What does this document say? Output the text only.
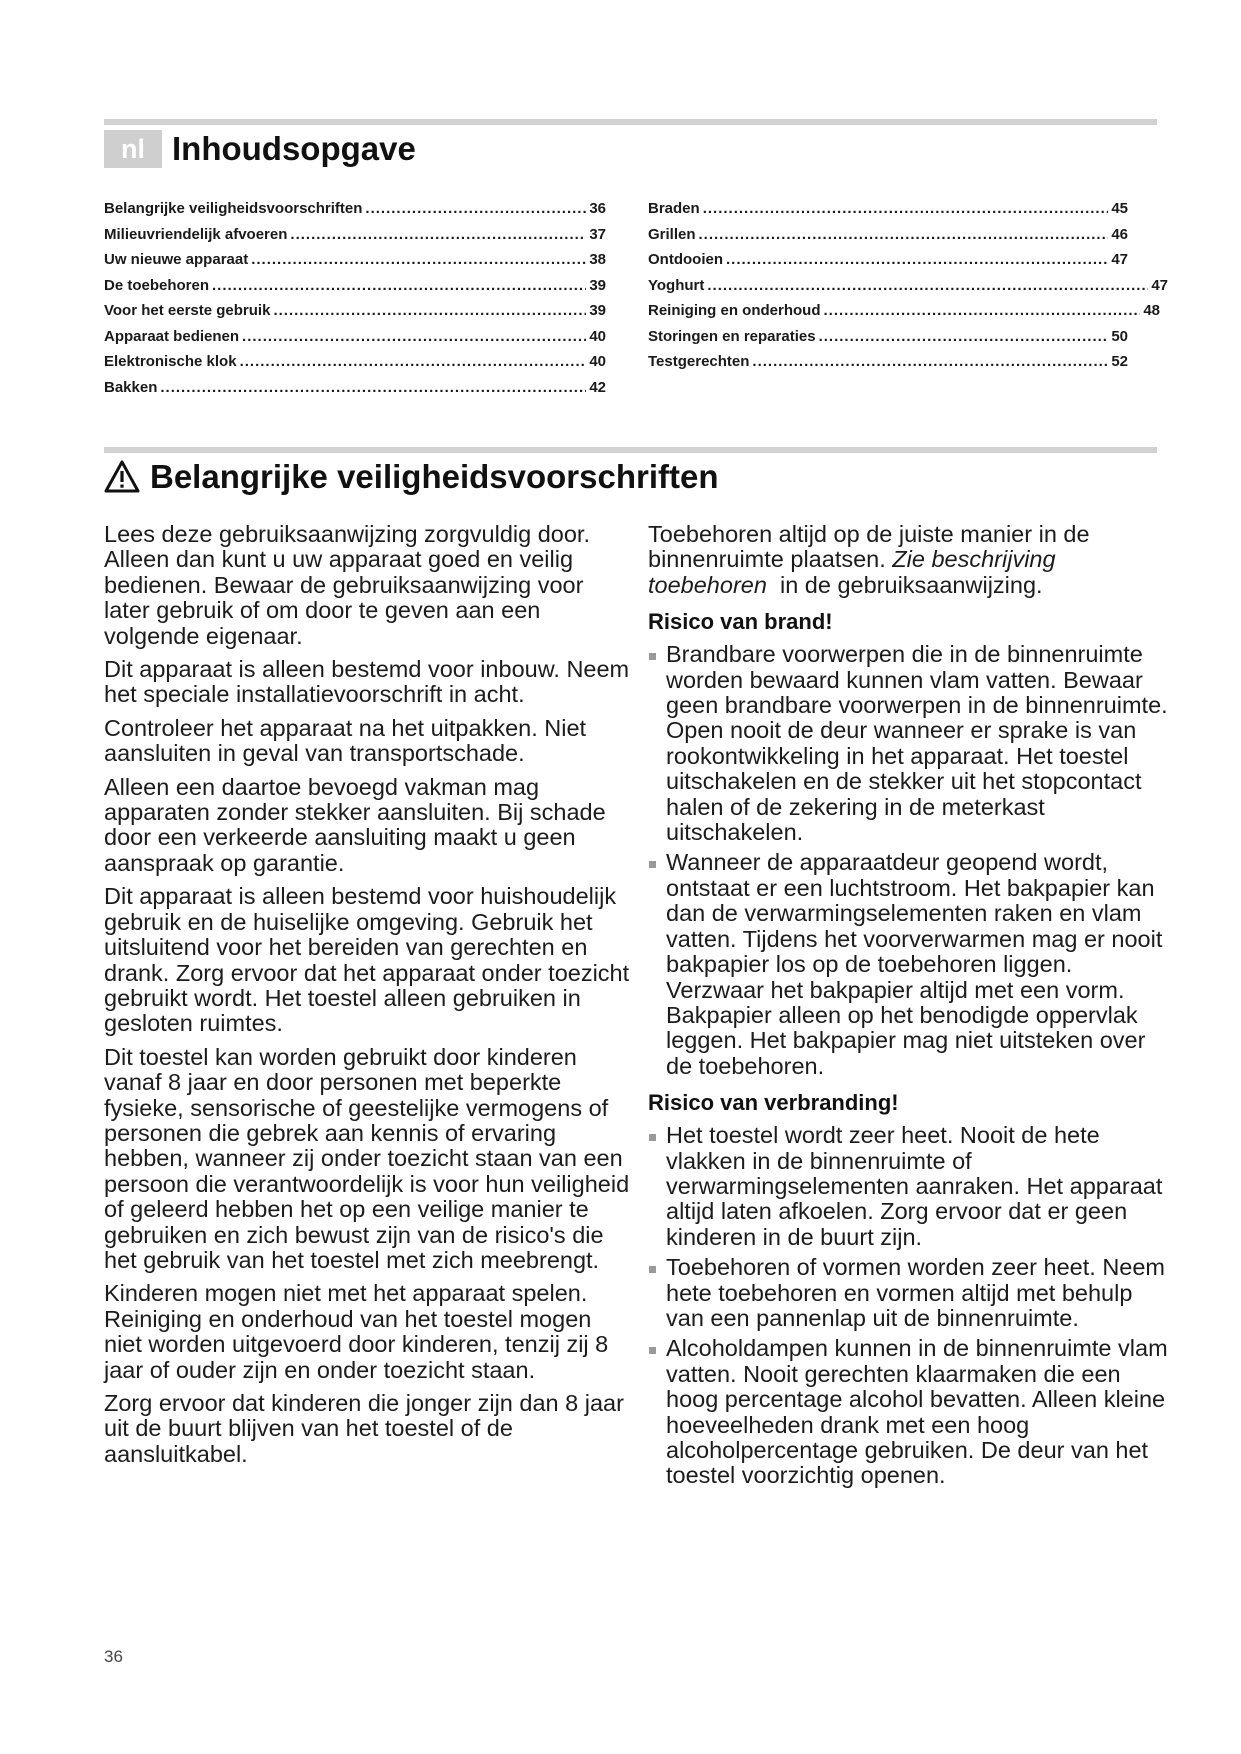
nl Inhoudsopgave
Belangrijke veiligheidsvoorschriften .....	36
Milieuvriendelijk afvoeren .....	37
Uw nieuwe apparaat .....	38
De toebehoren .....	39
Voor het eerste gebruik .....	39
Apparaat bedienen .....	40
Elektronische klok .....	40
Bakken .....	42
Braden .....	45
Grillen .....	46
Ontdooien .....	47
Yoghurt .....	47
Reiniging en onderhoud .....	48
Storingen en reparaties .....	50
Testgerechten .....	52
Belangrijke veiligheidsvoorschriften

Lees deze gebruiksaanwijzing zorgvuldig door. Alleen dan kunt u uw apparaat goed en veilig bedienen. Bewaar de gebruiksaanwijzing voor later gebruik of om door te geven aan een volgende eigenaar.

Dit apparaat is alleen bestemd voor inbouw. Neem het speciale installatievoorschrift in acht.

Controleer het apparaat na het uitpakken. Niet aansluiten in geval van transportschade.

Alleen een daartoe bevoegd vakman mag apparaten zonder stekker aansluiten. Bij schade door een verkeerde aansluiting maakt u geen aanspraak op garantie.

Dit apparaat is alleen bestemd voor huishoudelijk gebruik en de huiselijke omgeving. Gebruik het uitsluitend voor het bereiden van gerechten en drank. Zorg ervoor dat het apparaat onder toezicht gebruikt wordt. Het toestel alleen gebruiken in gesloten ruimtes.

Dit toestel kan worden gebruikt door kinderen vanaf 8 jaar en door personen met beperkte fysieke, sensorische of geestelijke vermogens of personen die gebrek aan kennis of ervaring hebben, wanneer zij onder toezicht staan van een persoon die verantwoordelijk is voor hun veiligheid of geleerd hebben het op een veilige manier te gebruiken en zich bewust zijn van de risico's die het gebruik van het toestel met zich meebrengt.

Kinderen mogen niet met het apparaat spelen. Reiniging en onderhoud van het toestel mogen niet worden uitgevoerd door kinderen, tenzij zij 8 jaar of ouder zijn en onder toezicht staan.

Zorg ervoor dat kinderen die jonger zijn dan 8 jaar uit de buurt blijven van het toestel of de aansluitkabel.

Toebehoren altijd op de juiste manier in de binnenruimte plaatsen. Zie beschrijving toebehoren  in de gebruiksaanwijzing.

Risico van brand!
Brandbare voorwerpen die in de binnenruimte worden bewaard kunnen vlam vatten. Bewaar geen brandbare voorwerpen in de binnenruimte. Open nooit de deur wanneer er sprake is van rookontwikkeling in het apparaat. Het toestel uitschakelen en de stekker uit het stopcontact halen of de zekering in de meterkast uitschakelen.
Wanneer de apparaatdeur geopend wordt, ontstaat er een luchtstroom. Het bakpapier kan dan de verwarmingselementen raken en vlam vatten. Tijdens het voorverwarmen mag er nooit bakpapier los op de toebehoren liggen. Verzwaar het bakpapier altijd met een vorm. Bakpapier alleen op het benodigde oppervlak leggen. Het bakpapier mag niet uitsteken over de toebehoren.
Risico van verbranding!
Het toestel wordt zeer heet. Nooit de hete vlakken in de binnenruimte of verwarmingselementen aanraken. Het apparaat altijd laten afkoelen. Zorg ervoor dat er geen kinderen in de buurt zijn.
Toebehoren of vormen worden zeer heet. Neem hete toebehoren en vormen altijd met behulp van een pannenlap uit de binnenruimte.
Alcoholdampen kunnen in de binnenruimte vlam vatten. Nooit gerechten klaarmaken die een hoog percentage alcohol bevatten. Alleen kleine hoeveelheden drank met een hoog alcoholpercentage gebruiken. De deur van het toestel voorzichtig openen.
36
